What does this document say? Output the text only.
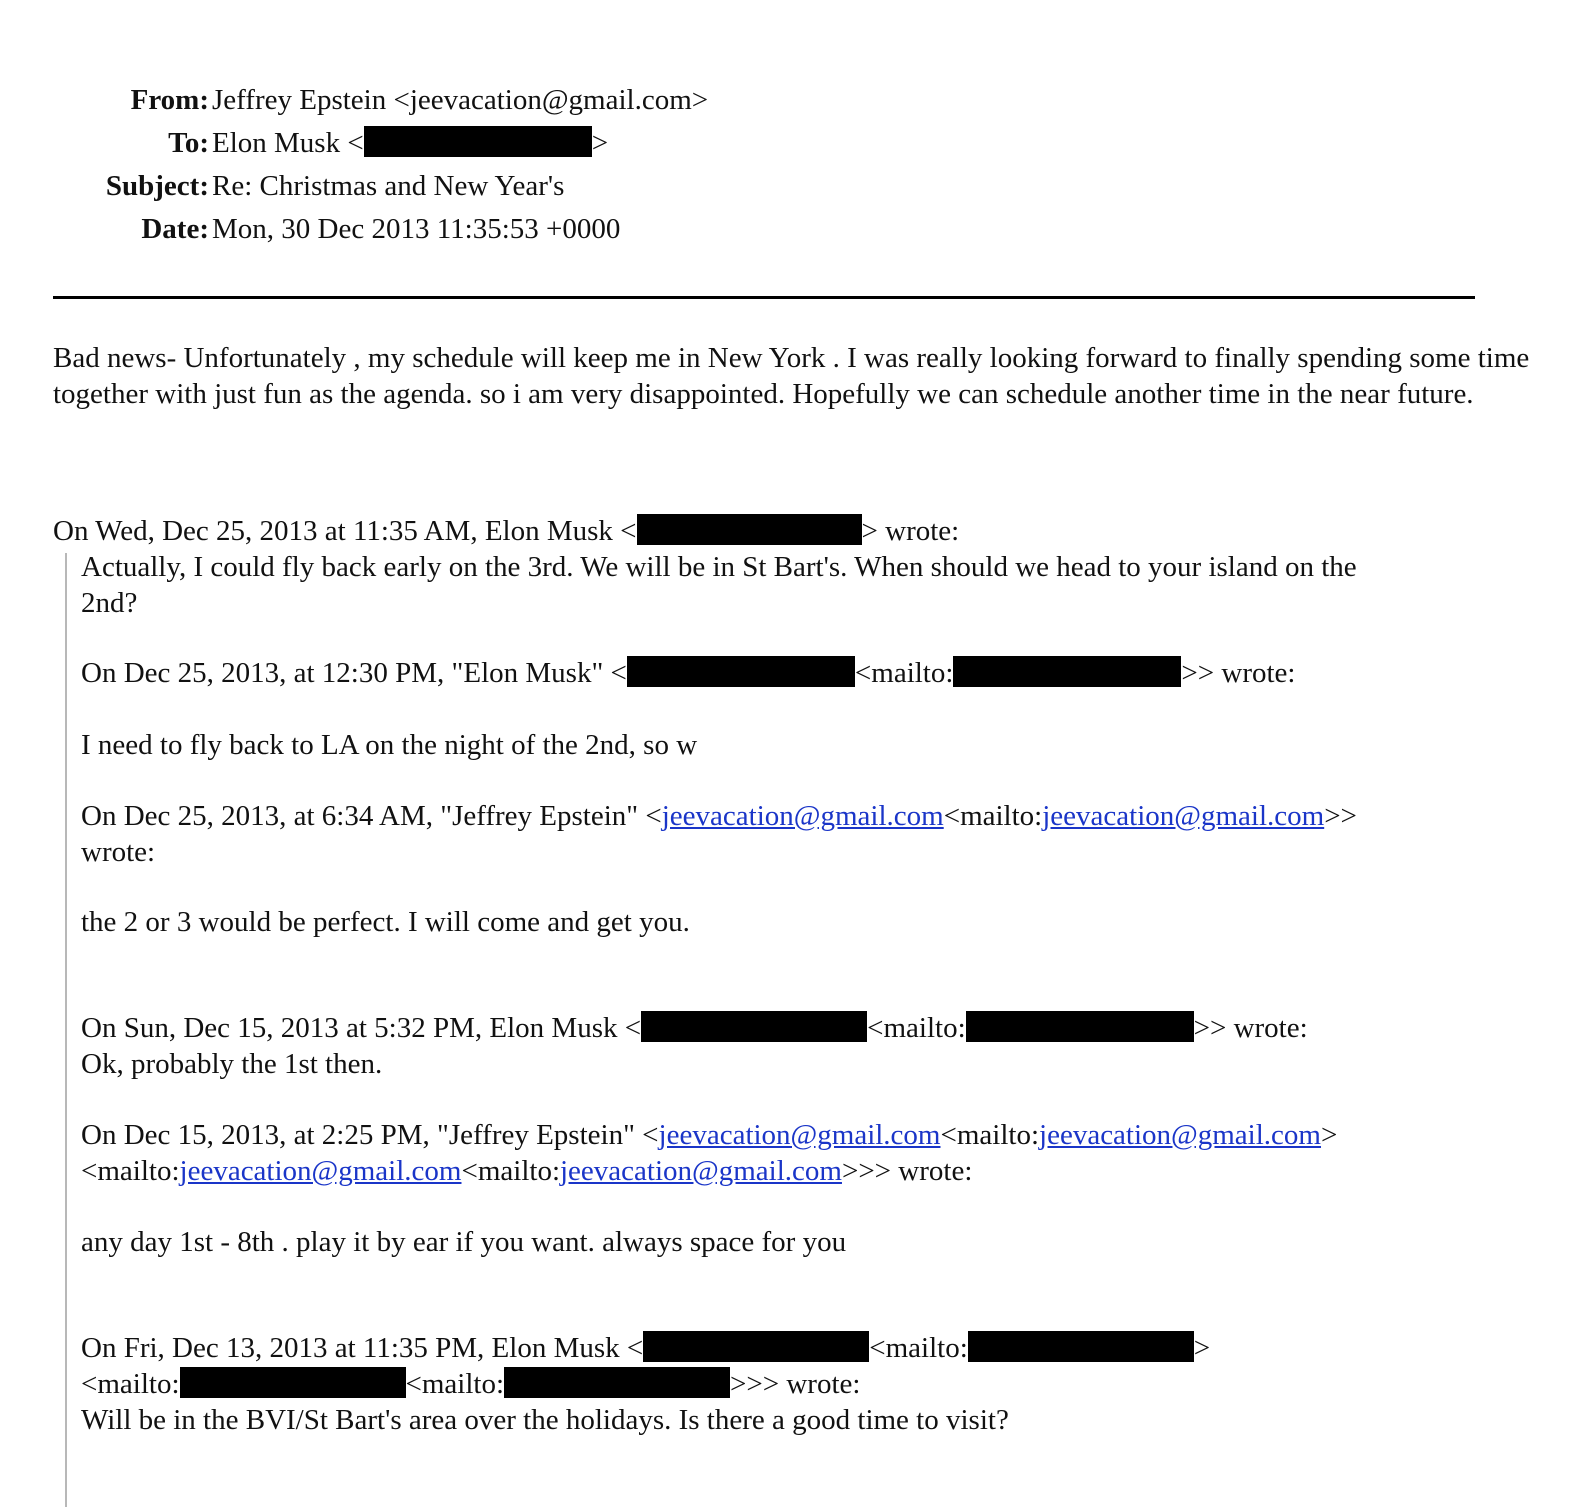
From: Jeffrey Epstein <jeevacation@gmail.com>
To: Elon Musk <	>
Subject: Re: Christmas and New Year's
Date: Mon, 30 Dec 2013 11:35:53 +0000
Bad news- Unfortunately , my schedule will keep me in New York . I was really looking forward to finally spending some time together with just fun as the agenda. so i am very disappointed. Hopefully we can schedule another time in the near future.
On Wed, Dec 25, 2013 at 11:35 AM, Elon Musk <	> wrote:
Actually, I could fly back early on the 3rd. We will be in St Bart's. When should we head to your island on the
2nd?
On Dec 25, 2013, at 12:30 PM, "Elon Musk" <	<mailto:	>> wrote:
I need to fly back to LA on the night of the 2nd, so w
On Dec 25, 2013, at 6:34 AM, "Jeffrey Epstein" <jeevacation@gmail.com<mailto:jeevacation@gmail.com>>
wrote:
the 2 or 3 would be perfect. I will come and get you.
On Sun, Dec 15, 2013 at 5:32 PM, Elon Musk <	<mailto:	>> wrote:
Ok, probably the 1st then.
On Dec 15, 2013, at 2:25 PM, "Jeffrey Epstein" <jeevacation@gmail.com<mailto:jeevacation@gmail.com>
<mailto:jeevacation@gmail.com<mailto:jeevacation@gmail.com>>> wrote:
any day 1st - 8th . play it by ear if you want. always space for you
On Fri, Dec 13, 2013 at 11:35 PM, Elon Musk <	<mailto:	>
<mailto:	<mailto:	>>> wrote:
Will be in the BVI/St Bart's area over the holidays. Is there a good time to visit?
